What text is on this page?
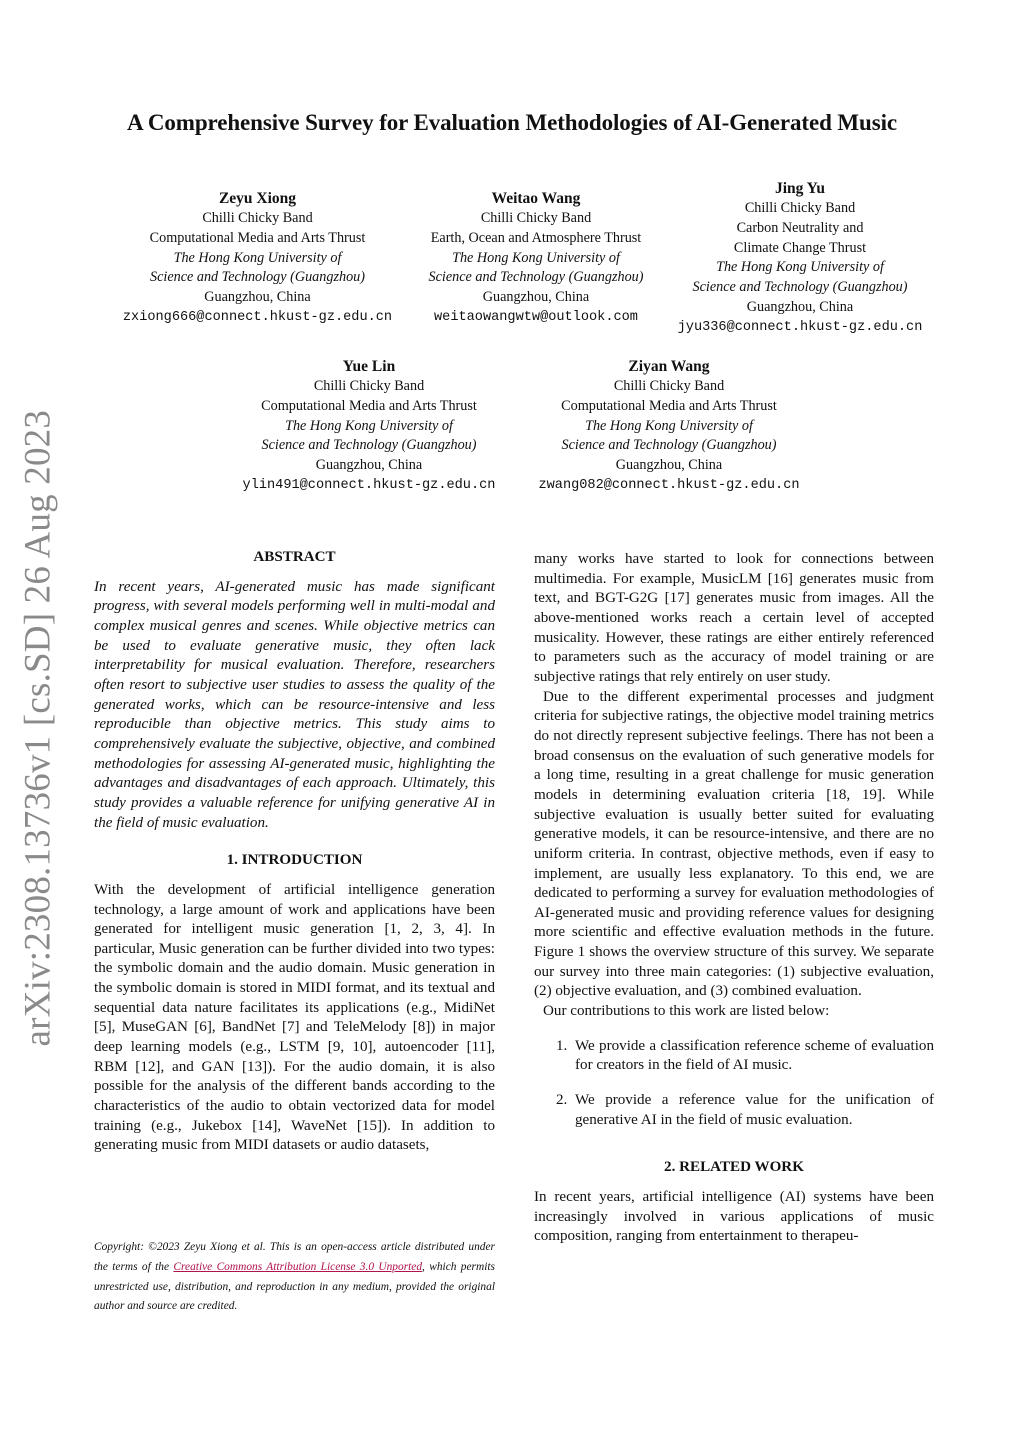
A Comprehensive Survey for Evaluation Methodologies of AI-Generated Music
Zeyu Xiong
Chilli Chicky Band
Computational Media and Arts Thrust
The Hong Kong University of
Science and Technology (Guangzhou)
Guangzhou, China
zxiong666@connect.hkust-gz.edu.cn
Weitao Wang
Chilli Chicky Band
Earth, Ocean and Atmosphere Thrust
The Hong Kong University of
Science and Technology (Guangzhou)
Guangzhou, China
weitaowangwtw@outlook.com
Jing Yu
Chilli Chicky Band
Carbon Neutrality and
Climate Change Thrust
The Hong Kong University of
Science and Technology (Guangzhou)
Guangzhou, China
jyu336@connect.hkust-gz.edu.cn
Yue Lin
Chilli Chicky Band
Computational Media and Arts Thrust
The Hong Kong University of
Science and Technology (Guangzhou)
Guangzhou, China
ylin491@connect.hkust-gz.edu.cn
Ziyan Wang
Chilli Chicky Band
Computational Media and Arts Thrust
The Hong Kong University of
Science and Technology (Guangzhou)
Guangzhou, China
zwang082@connect.hkust-gz.edu.cn
arXiv:2308.13736v1 [cs.SD] 26 Aug 2023	ABSTRACT

In recent years, AI-generated music has made significant progress, with several models performing well in multi-modal and complex musical genres and scenes. While objective metrics can be used to evaluate generative music, they often lack interpretability for musical evaluation. Therefore, researchers often resort to subjective user studies to assess the quality of the generated works, which can be resource-intensive and less reproducible than objective metrics. This study aims to comprehensively evaluate the subjective, objective, and combined methodologies for assessing AI-generated music, highlighting the advantages and disadvantages of each approach. Ultimately, this study provides a valuable reference for unifying generative AI in the field of music evaluation.

1. INTRODUCTION

With the development of artificial intelligence generation technology, a large amount of work and applications have been generated for intelligent music generation [1, 2, 3, 4]. In particular, Music generation can be further divided into two types: the symbolic domain and the audio domain. Music generation in the symbolic domain is stored in MIDI format, and its textual and sequential data nature facilitates its applications (e.g., MidiNet [5], MuseGAN [6], BandNet [7] and TeleMelody [8]) in major deep learning models (e.g., LSTM [9, 10], autoencoder [11], RBM [12], and GAN [13]). For the audio domain, it is also possible for the analysis of the different bands according to the characteristics of the audio to obtain vectorized data for model training (e.g., Jukebox [14], WaveNet [15]). In addition to generating music from MIDI datasets or audio datasets,

Copyright: ©2023 Zeyu Xiong et al. This is an open-access article distributed under the terms of the Creative Commons Attribution License 3.0 Unported, which permits unrestricted use, distribution, and reproduction in any medium, provided the original author and source are credited.

many works have started to look for connections between multimedia. For example, MusicLM [16] generates music from text, and BGT-G2G [17] generates music from images. All the above-mentioned works reach a certain level of accepted musicality. However, these ratings are either entirely referenced to parameters such as the accuracy of model training or are subjective ratings that rely entirely on user study.

Due to the different experimental processes and judgment criteria for subjective ratings, the objective model training metrics do not directly represent subjective feelings. There has not been a broad consensus on the evaluation of such generative models for a long time, resulting in a great challenge for music generation models in determining evaluation criteria [18, 19]. While subjective evaluation is usually better suited for evaluating generative models, it can be resource-intensive, and there are no uniform criteria. In contrast, objective methods, even if easy to implement, are usually less explanatory. To this end, we are dedicated to performing a survey for evaluation methodologies of AI-generated music and providing reference values for designing more scientific and effective evaluation methods in the future. Figure 1 shows the overview structure of this survey. We separate our survey into three main categories: (1) subjective evaluation, (2) objective evaluation, and (3) combined evaluation.

Our contributions to this work are listed below:

1. We provide a classification reference scheme of evaluation for creators in the field of AI music.
2. We provide a reference value for the unification of generative AI in the field of music evaluation.

2. RELATED WORK

In recent years, artificial intelligence (AI) systems have been increasingly involved in various applications of music composition, ranging from entertainment to therapeu-
